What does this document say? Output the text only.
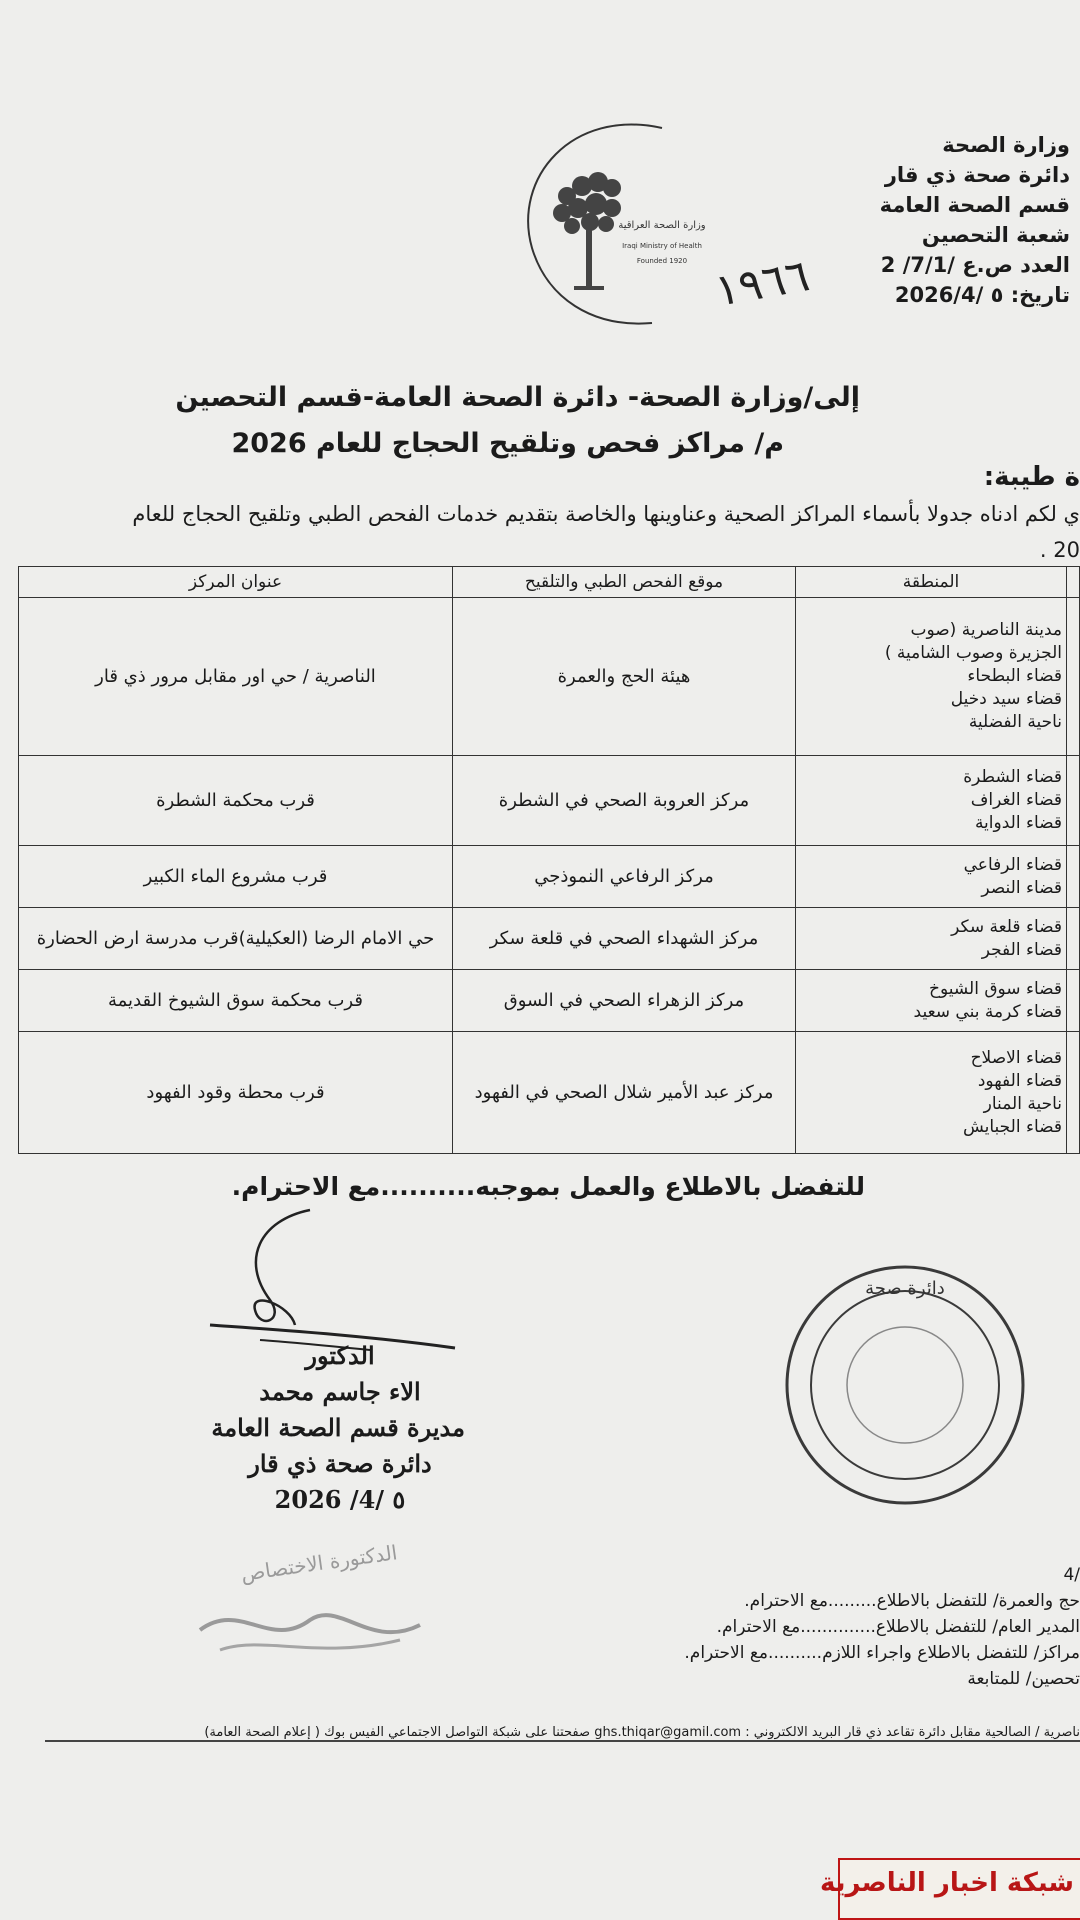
وزارة الصحة
دائرة صحة ذي قار
قسم الصحة العامة
شعبة التحصين
العدد ص.ع /7/1/ 2
تاريخ: ٥ /2026/4
١٩٦٦
وزارة الصحة العراقية
Iraqi Ministry of Health
Founded 1920
إلى/وزارة الصحة- دائرة الصحة العامة-قسم التحصين
م/ مراكز فحص وتلقيح الحجاج للعام 2026
ة طيبة:
ي لكم ادناه جدولا بأسماء المراكز الصحية وعناوينها والخاصة بتقديم خدمات الفحص الطبي وتلقيح الحجاج للعام
20 .
	المنطقة	موقع الفحص الطبي والتلقيح	عنوان المركز

	مدينة الناصرية (صوب
الجزيرة وصوب الشامية )
قضاء البطحاء
قضاء سيد دخيل
ناحية الفضلية	هيئة الحج والعمرة	الناصرية / حي اور مقابل مرور ذي قار

	قضاء الشطرة
قضاء الغراف
قضاء الدواية	مركز العروبة الصحي في الشطرة	قرب محكمة الشطرة

	قضاء الرفاعي
قضاء النصر	مركز الرفاعي النموذجي	قرب مشروع الماء الكبير

	قضاء قلعة سكر
قضاء الفجر	مركز الشهداء الصحي في قلعة سكر	حي الامام الرضا (العكيلية)قرب مدرسة ارض الحضارة

	قضاء سوق الشيوخ
قضاء كرمة بني سعيد	مركز الزهراء الصحي في السوق	قرب محكمة سوق الشيوخ القديمة

	قضاء الاصلاح
قضاء الفهود
ناحية المنار
قضاء الجبايش	مركز عبد الأمير شلال الصحي في الفهود	قرب محطة وقود الفهود
للتفضل بالاطلاع والعمل بموجبه..........مع الاحترام.
الدكتور
الاء جاسم محمد
مديرة قسم الصحة العامة
دائرة صحة ذي قار
٥ /4/ 2026
الدكتورة الاختصاص
دائرة صحة
/4
حج والعمرة/ للتفضل بالاطلاع.........مع الاحترام.
المدير العام/ للتفضل بالاطلاع..............مع الاحترام.
مراكز/ للتفضل بالاطلاع واجراء اللازم..........مع الاحترام.
تحصين/ للمتابعة
ناصرية / الصالحية مقابل دائرة تقاعد ذي قار البريد الالكتروني : ghs.thiqar@gamil.com صفحتنا على شبكة التواصل الاجتماعي الفيس بوك ( إعلام الصحة العامة)
شبكة اخبار الناصرية
